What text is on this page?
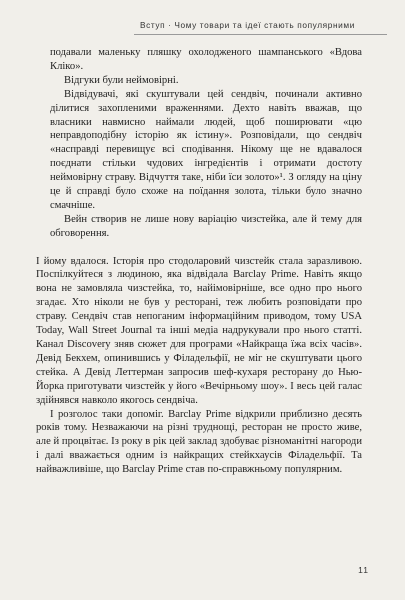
Вступ · Чому товари та ідеї стають популярними

подавали маленьку пляшку охолодженого шампанського «Вдова Кліко».

Відгуки були неймовірні.

Відвідувачі, які скуштували цей сендвіч, починали активно ділитися захопленими враженнями. Дехто навіть вважав, що власники навмисно наймали людей, щоб поширювати «цю неправдоподібну історію як істину». Розповідали, що сендвіч «насправді перевищує всі сподівання. Нікому ще не вдавалося поєднати стільки чудових інгредієнтів і отримати достоту неймовірну страву. Відчуття таке, ніби їси золото»¹. З огляду на ціну це й справді було схоже на поїдання золота, тільки було значно смачніше.

Вейн створив не лише нову варіацію чизстейка, але й тему для обговорення.

І йому вдалося. Історія про стодоларовий чизстейк стала заразливою. Поспілкуйтеся з людиною, яка відвідала Barclay Prime. Навіть якщо вона не замовляла чизстейка, то, найімовірніше, все одно про нього згадає. Хто ніколи не був у ресторані, теж любить розповідати про страву. Сендвіч став непоганим інформаційним приводом, тому USA Today, Wall Street Journal та інші медіа надрукували про нього статті. Канал Discovery зняв сюжет для програми «Найкраща їжа всіх часів». Девід Бекхем, опинившись у Філадельфії, не міг не скуштувати цього стейка. А Девід Леттерман запросив шеф-кухаря ресторану до Нью-Йорка приготувати чизстейк у його «Вечірньому шоу». І весь цей галас здійнявся навколо якогось сендвіча.

І розголос таки допоміг. Barclay Prime відкрили приблизно десять років тому. Незважаючи на різні труднощі, ресторан не просто живе, але й процвітає. Із року в рік цей заклад здобуває різноманітні нагороди і далі вважається одним із найкращих стейкхаусів Філадельфії. Та найважливіше, що Barclay Prime став по-справжньому популярним.

11
